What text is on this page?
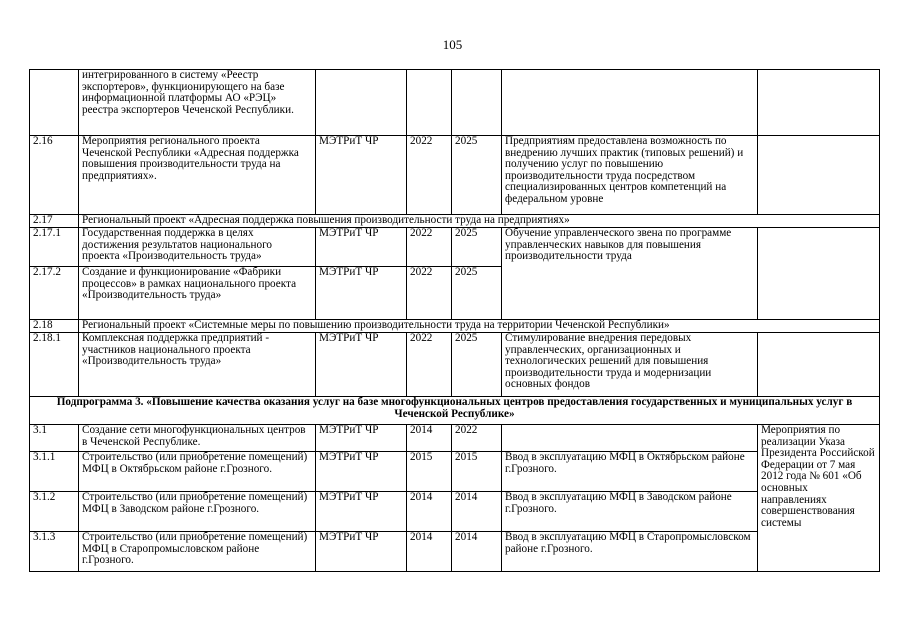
105
	интегрированного в систему «Реестр экспортеров», функционирующего на базе информационной платформы АО «РЭЦ» реестра экспортеров Чеченской Республики.					
2.16	Мероприятия регионального проекта Чеченской Республики «Адресная поддержка повышения производительности труда на предприятиях».	МЭТРиТ ЧР	2022	2025	Предприятиям предоставлена возможность по внедрению лучших практик (типовых решений) и получению услуг по повышению производительности труда посредством специализированных центров компетенций на федеральном уровне	
2.17	Региональный проект «Адресная поддержка повышения производительности труда на предприятиях»					
2.17.1	Государственная поддержка в целях достижения результатов национального проекта «Производительность труда»	МЭТРиТ ЧР	2022	2025	Обучение управленческого звена по программе управленческих навыков для повышения производительности труда	
2.17.2	Создание и функционирование «Фабрики процессов» в рамках национального проекта «Производительность труда»	МЭТРиТ ЧР	2022	2025		
2.18	Региональный проект «Системные меры по повышению производительности труда на территории Чеченской Республики»					
2.18.1	Комплексная поддержка предприятий - участников национального проекта «Производительность труда»	МЭТРиТ ЧР	2022	2025	Стимулирование внедрения передовых управленческих, организационных и технологических решений для повышения производительности труда и модернизации основных фондов	
Подпрограмма 3. «Повышение качества оказания услуг на базе многофункциональных центров предоставления государственных и муниципальных услуг в Чеченской Республике»						
3.1	Создание сети многофункциональных центров в Чеченской Республике.	МЭТРиТ ЧР	2014	2022		Мероприятия по реализации Указа Президента Российской Федерации от 7 мая 2012 года № 601 «Об основных направлениях совершенствования системы
3.1.1	Строительство (или приобретение помещений) МФЦ в Октябрьском районе г.Грозного.	МЭТРиТ ЧР	2015	2015	Ввод в эксплуатацию МФЦ в Октябрьском районе г.Грозного.	
3.1.2	Строительство (или приобретение помещений) МФЦ в Заводском районе г.Грозного.	МЭТРиТ ЧР	2014	2014	Ввод в эксплуатацию МФЦ в Заводском районе г.Грозного.	
3.1.3	Строительство (или приобретение помещений) МФЦ в Старопромысловском районе г.Грозного.	МЭТРиТ ЧР	2014	2014	Ввод в эксплуатацию МФЦ в Старопромысловском районе г.Грозного.	
